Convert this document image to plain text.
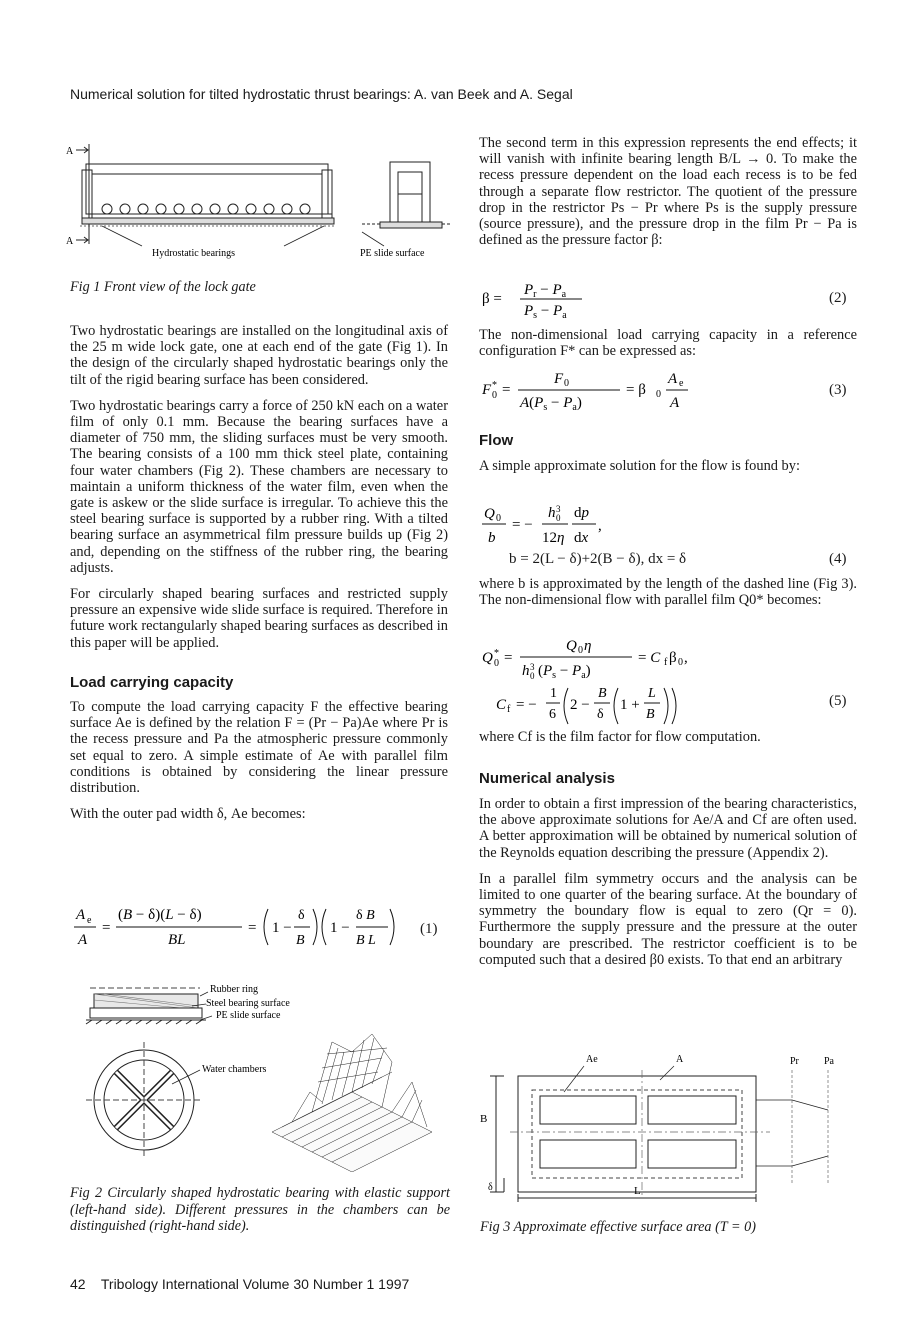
Numerical solution for tilted hydrostatic thrust bearings: A. van Beek and A. Segal
A
A
Hydrostatic bearings	PE slide surface
Fig 1 Front view of the lock gate

Two hydrostatic bearings are installed on the longitudinal axis of the 25 m wide lock gate, one at each end of the gate (Fig 1). In the design of the circularly shaped hydrostatic bearings only the tilt of the rigid bearing surface has been considered.

Two hydrostatic bearings carry a force of 250 kN each on a water film of only 0.1 mm. Because the bearing surfaces have a diameter of 750 mm, the sliding surfaces must be very smooth. The bearing consists of a 100 mm thick steel plate, containing four water chambers (Fig 2). These chambers are necessary to maintain a uniform thickness of the water film, even when the gate is askew or the slide surface is irregular. To achieve this the steel bearing surface is supported by a rubber ring. With a tilted bearing surface an asymmetrical film pressure builds up (Fig 2) and, depending on the stiffness of the rubber ring, the bearing adjusts.

For circularly shaped bearing surfaces and restricted supply pressure an expensive wide slide surface is required. Therefore in future work rectangularly shaped bearing surfaces as described in this paper will be applied.

Load carrying capacity

To compute the load carrying capacity F the effective bearing surface Ae is defined by the relation F = (Pr − Pa)Ae where Pr is the recess pressure and Pa the atmospheric pressure commonly set equal to zero. A simple estimate of Ae with parallel film conditions is obtained by considering the linear pressure distribution.

With the outer pad width δ, Ae becomes:

A e
A
=
(B − δ)(L − δ)
BL
= 1 −
δ
B
1 −
δ B
B L
(1)
Rubber ring
Steel bearing surface
PE slide surface
Water chambers
Fig 2 Circularly shaped hydrostatic bearing with elastic support (left-hand side). Different pressures in the chambers can be distinguished (right-hand side).
The second term in this expression represents the end effects; it will vanish with infinite bearing length B/L → 0. To make the recess pressure dependent on the load each recess is to be fed through a separate flow restrictor. The quotient of the pressure drop in the restrictor Ps − Pr where Ps is the supply pressure (source pressure), and the pressure drop in the film Pr − Pa is defined as the pressure factor β:
β =
$P_r - P_a$
$P_s - P_a$
(2)
The non-dimensional load carrying capacity in a reference configuration F* can be expressed as:
F *
0 =
F 0
$A(P_s - P_a)$
= β 0
A e
A
(3)
Flow
A simple approximate solution for the flow is found by:
Q 0
b
= −
h 3
0
12η
dp
dx
,
b = 2(L − δ)+2(B − δ), dx = δ	(4)
where b is approximated by the length of the dashed line (Fig 3). The non-dimensional flow with parallel film Q0* becomes:
Q *
0 =
Q 0 η
h 3
0 $(P_s - P_a)$
= C f β 0 ,
C f = −
1
6
2 −
B
δ
1 +
L
B
(5)
where Cf is the film factor for flow computation.
Numerical analysis

In order to obtain a first impression of the bearing characteristics, the above approximate solutions for Ae/A and Cf are often used. A better approximation will be obtained by numerical solution of the Reynolds equation describing the pressure (Appendix 2).

In a parallel film symmetry occurs and the analysis can be limited to one quarter of the bearing surface. At the boundary of symmetry the boundary flow is equal to zero (Qr = 0). Furthermore the supply pressure and the pressure at the outer boundary are prescribed. The restrictor coefficient is to be computed such that a desired β0 exists. To that end an arbitrary

Ae	A	Pr	Pa
B
δ	L
Fig 3 Approximate effective surface area (T = 0)
42    Tribology International Volume 30 Number 1 1997
